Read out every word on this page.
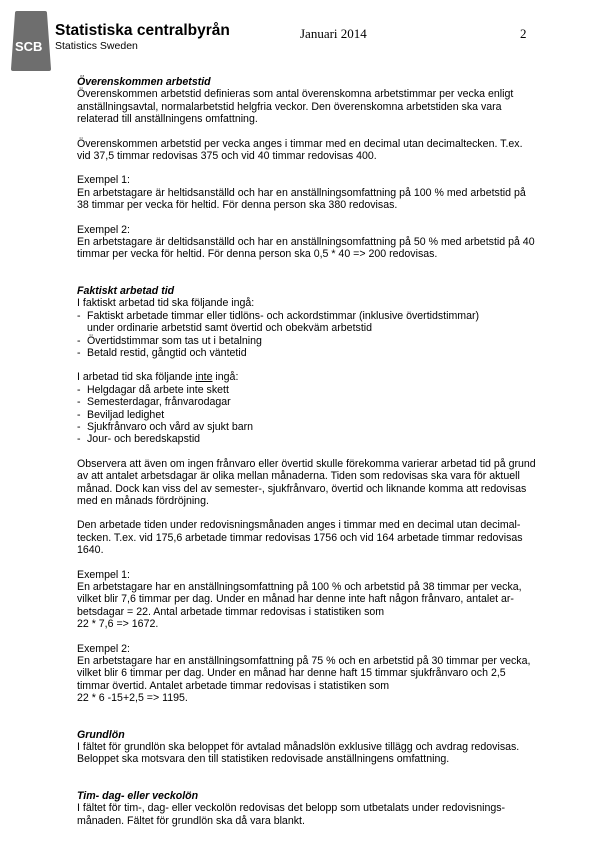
SCB
Statistiska centralbyrån
Statistics Sweden
Januari 2014	2
Överenskommen arbetstid

Överenskommen arbetstid definieras som antal överenskomna arbetstimmar per vecka enligt anställningsavtal, normalarbetstid helgfria veckor. Den överenskomna arbetstiden ska vara relaterad till anställningens omfattning.

Överenskommen arbetstid per vecka anges i timmar med en decimal utan decimaltecken. T.ex. vid 37,5 timmar redovisas 375 och vid 40 timmar redovisas 400.

Exempel 1:

En arbetstagare är heltidsanställd och har en anställningsomfattning på 100 % med arbetstid på 38 timmar per vecka för heltid. För denna person ska 380 redovisas.

Exempel 2:

En arbetstagare är deltidsanställd och har en anställningsomfattning på 50 % med arbetstid på 40 timmar per vecka för heltid. För denna person ska 0,5 * 40 => 200 redovisas.

Faktiskt arbetad tid
I faktiskt arbetad tid ska följande ingå:
- Faktiskt arbetade timmar eller tidlöns- och ackordstimmar (inklusive övertidstimmar)
under ordinarie arbetstid samt övertid och obekväm arbetstid
- Övertidstimmar som tas ut i betalning
- Betald restid, gångtid och väntetid
I arbetad tid ska följande inte ingå:
- Helgdagar då arbete inte skett
- Semesterdagar, frånvarodagar
- Beviljad ledighet
- Sjukfrånvaro och vård av sjukt barn
- Jour- och beredskapstid

Observera att även om ingen frånvaro eller övertid skulle förekomma varierar arbetad tid på grund av att antalet arbetsdagar är olika mellan månaderna. Tiden som redovisas ska vara för aktuell månad. Dock kan viss del av semester-, sjukfrånvaro, övertid och liknande komma att redovisas med en månads fördröjning.

Den arbetade tiden under redovisningsmånaden anges i timmar med en decimal utan decimal-tecken. T.ex. vid 175,6 arbetade timmar redovisas 1756 och vid 164 arbetade timmar redovisas 1640.

Exempel 1:

En arbetstagare har en anställningsomfattning på 100 % och arbetstid på 38 timmar per vecka, vilket blir 7,6 timmar per dag. Under en månad har denne inte haft någon frånvaro, antalet ar-betsdagar = 22. Antal arbetade timmar redovisas i statistiken som

22 * 7,6 => 1672.
Exempel 2:

En arbetstagare har en anställningsomfattning på 75 % och en arbetstid på 30 timmar per vecka, vilket blir 6 timmar per dag. Under en månad har denne haft 15 timmar sjukfrånvaro och 2,5 timmar övertid. Antalet arbetade timmar redovisas i statistiken som

22 * 6 -15+2,5 => 1195.
Grundlön

I fältet för grundlön ska beloppet för avtalad månadslön exklusive tillägg och avdrag redovisas. Beloppet ska motsvara den till statistiken redovisade anställningens omfattning.

Tim- dag- eller veckolön

I fältet för tim-, dag- eller veckolön redovisas det belopp som utbetalats under redovisnings-månaden. Fältet för grundlön ska då vara blankt.
